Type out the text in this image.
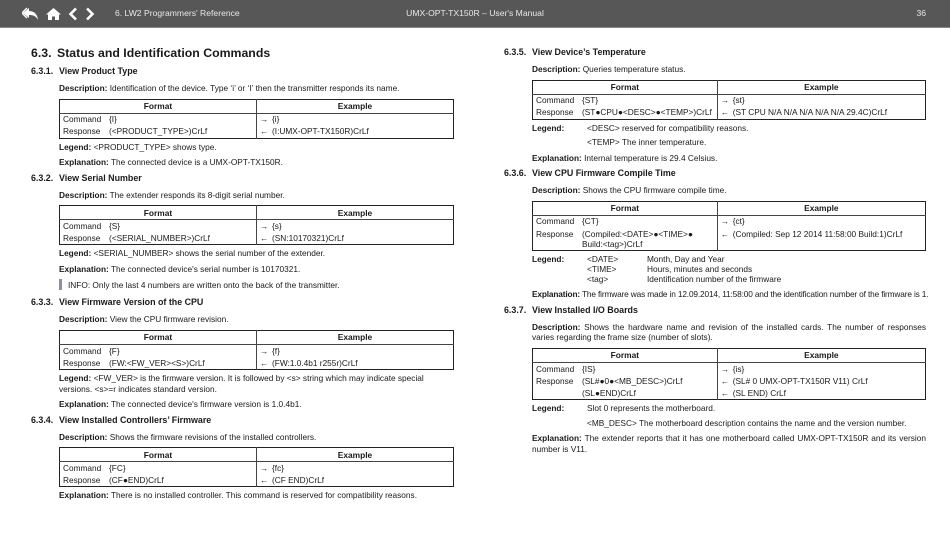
6. LW2 Programmers' Reference	UMX-OPT-TX150R – User's Manual	36
6.3. Status and Identification Commands
6.3.1. View Product Type

Description: Identification of the device. Type ‘i’ or ‘I’ then the transmitter responds its name.

Format	Example
Command {I}	→ {i}
Response (<PRODUCT_TYPE>)CrLf	← (I:UMX-OPT-TX150R)CrLf

Legend: <PRODUCT_TYPE> shows type.

Explanation: The connected device is a UMX-OPT-TX150R.

6.3.2. View Serial Number

Description: The extender responds its 8-digit serial number.

Format	Example
Command {S}	→ {s}
Response (<SERIAL_NUMBER>)CrLf	← (SN:10170321)CrLf

Legend: <SERIAL_NUMBER> shows the serial number of the extender.

Explanation: The connected device's serial number is 10170321.

INFO: Only the last 4 numbers are written onto the back of the transmitter.
6.3.3. View Firmware Version of the CPU

Description: View the CPU firmware revision.

Format	Example
Command {F}	→ {f}
Response (FW:<FW_VER><S>)CrLf	← (FW:1.0.4b1 r255r)CrLf

Legend: <FW_VER> is the firmware version. It is followed by <s> string which may indicate special versions. <s>=r indicates standard version.

Explanation: The connected device's firmware version is 1.0.4b1.

6.3.4. View Installed Controllers’ Firmware

Description: Shows the firmware revisions of the installed controllers.

Format	Example
Command {FC}	→ {fc}
Response (CF●END)CrLf	← (CF END)CrLf

Explanation: There is no installed controller. This command is reserved for compatibility reasons.

6.3.5. View Device’s Temperature

Description: Queries temperature status.

Format	Example
Command {ST}	→ {st}
Response (ST●CPU●<DESC>●<TEMP>)CrLf	← (ST CPU N/A N/A N/A N/A N/A 29.4C)CrLf
Legend:	<DESC> reserved for compatibility reasons.
<TEMP> The inner temperature.

Explanation: Internal temperature is 29.4 Celsius.

6.3.6. View CPU Firmware Compile Time

Description: Shows the CPU firmware compile time.

Format	Example
Command {CT}	→ {ct}

Response (Compiled:<DATE>●<TIME>●
Build:<tag>)CrLf	← (Compiled: Sep 12 2014 11:58:00 Build:1)CrLf
Legend:	<DATE>	Month, Day and Year
<TIME>	Hours, minutes and seconds
<tag>	Identification number of the firmware

Explanation: The firmware was made in 12.09.2014, 11:58:00 and the identification number of the firmware is 1.

6.3.7. View Installed I/O Boards

Description: Shows the hardware name and revision of the installed cards. The number of responses varies regarding the frame size (number of slots).

Format	Example
Command {IS}	→ {is}
Response (SL#●0●<MB_DESC>)CrLf	← (SL# 0 UMX-OPT-TX150R V11) CrLf
(SL●END)CrLf	← (SL END) CrLf
Legend:	Slot 0 represents the motherboard.
<MB_DESC> The motherboard description contains the name and the version number.

Explanation: The extender reports that it has one motherboard called UMX-OPT-TX150R and its version number is V11.
